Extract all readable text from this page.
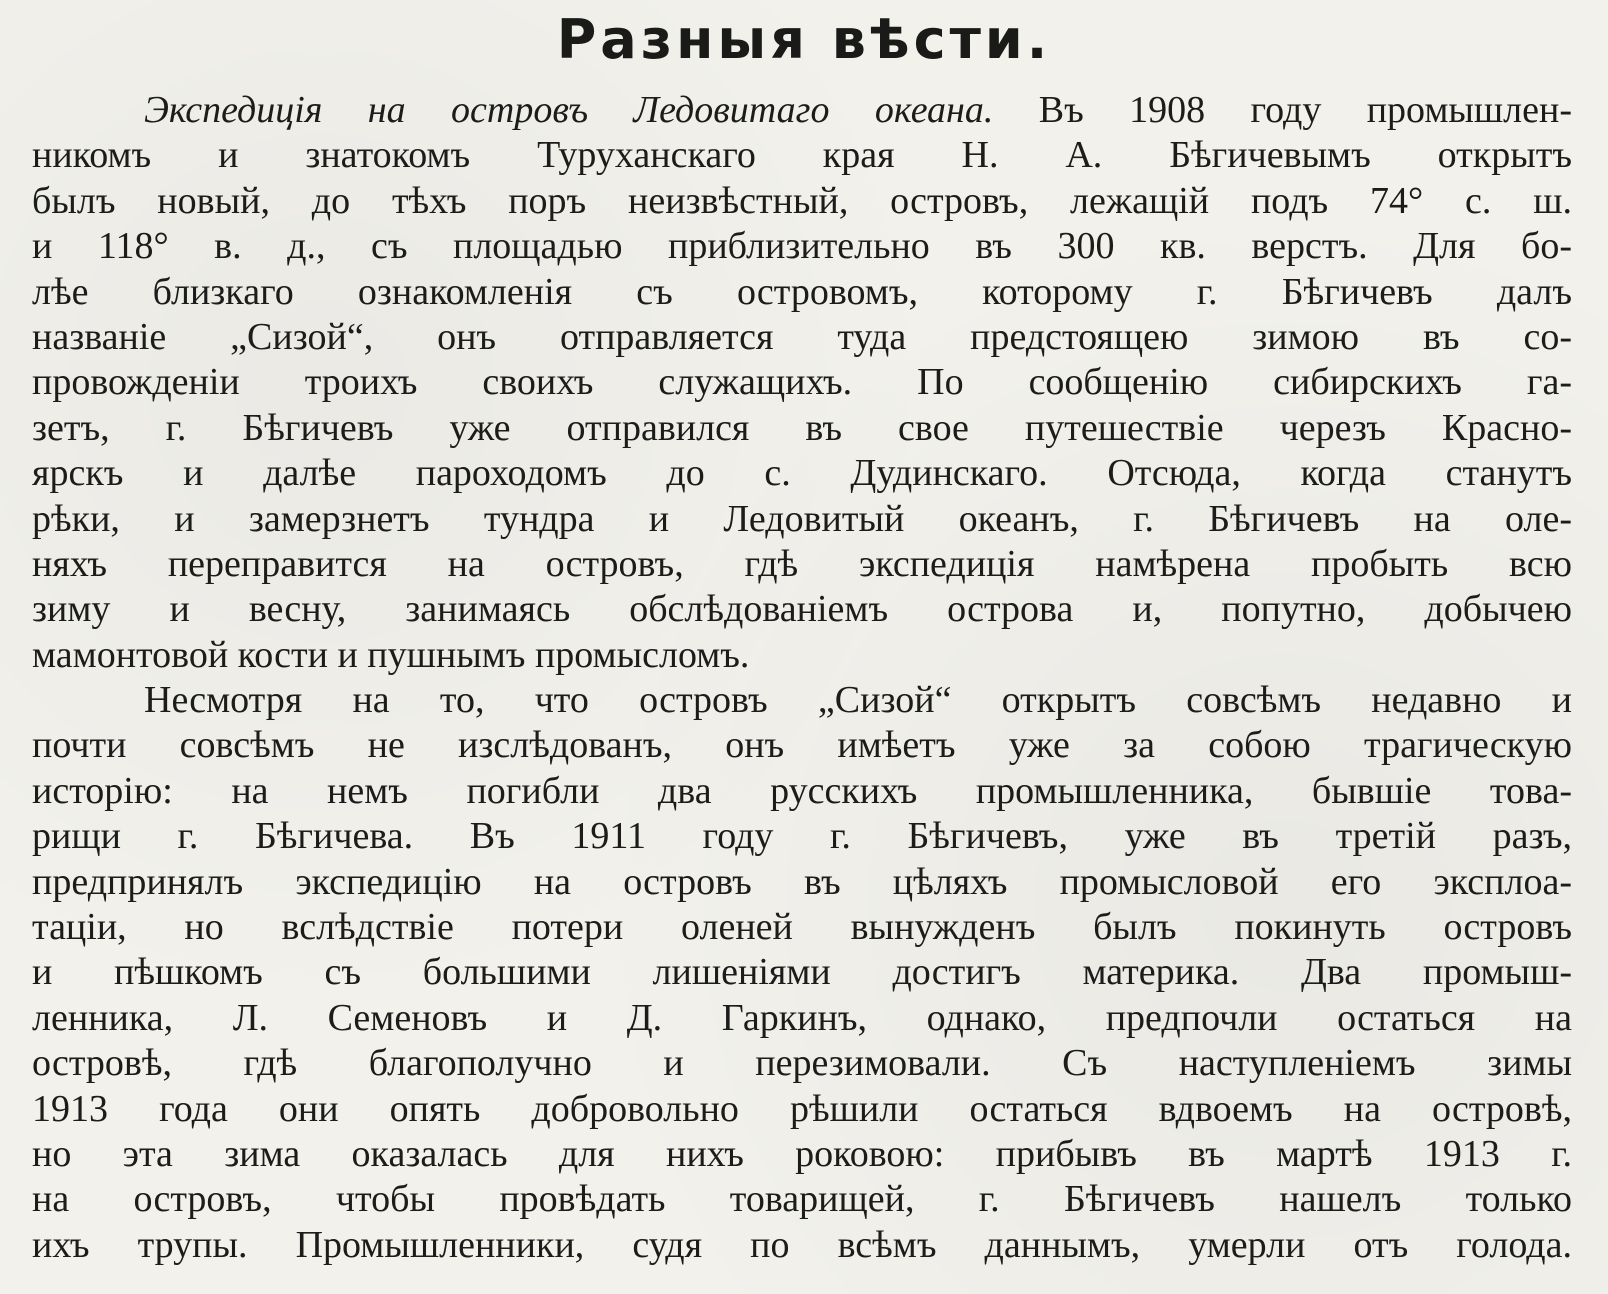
Разныя вѣсти.
Экспедиція на островъ Ледовитаго океана. Въ 1908 году промышлен-
никомъ и знатокомъ Туруханскаго края Н. А. Бѣгичевымъ открытъ
былъ новый, до тѣхъ поръ неизвѣстный, островъ, лежащій подъ 74° с. ш.
и 118° в. д., съ площадью приблизительно въ 300 кв. верстъ. Для бо-
лѣе близкаго ознакомленія съ островомъ, которому г. Бѣгичевъ далъ
названіе „Сизой“, онъ отправляется туда предстоящею зимою въ со-
провожденіи троихъ своихъ служащихъ. По сообщенію сибирскихъ га-
зетъ, г. Бѣгичевъ уже отправился въ свое путешествіе черезъ Красно-
ярскъ и далѣе пароходомъ до с. Дудинскаго. Отсюда, когда станутъ
рѣки, и замерзнетъ тундра и Ледовитый океанъ, г. Бѣгичевъ на оле-
няхъ переправится на островъ, гдѣ экспедиція намѣрена пробыть всю
зиму и весну, занимаясь обслѣдованіемъ острова и, попутно, добычею
мамонтовой кости и пушнымъ промысломъ.
Несмотря на то, что островъ „Сизой“ открытъ совсѣмъ недавно и
почти совсѣмъ не изслѣдованъ, онъ имѣетъ уже за собою трагическую
исторію: на немъ погибли два русскихъ промышленника, бывшіе това-
рищи г. Бѣгичева. Въ 1911 году г. Бѣгичевъ, уже въ третій разъ,
предпринялъ экспедицію на островъ въ цѣляхъ промысловой его эксплоа-
таціи, но вслѣдствіе потери оленей вынужденъ былъ покинуть островъ
и пѣшкомъ съ большими лишеніями достигъ материка. Два промыш-
ленника, Л. Семеновъ и Д. Гаркинъ, однако, предпочли остаться на
островѣ, гдѣ благополучно и перезимовали. Съ наступленіемъ зимы
1913 года они опять добровольно рѣшили остаться вдвоемъ на островѣ,
но эта зима оказалась для нихъ роковою: прибывъ въ мартѣ 1913 г.
на островъ, чтобы провѣдать товарищей, г. Бѣгичевъ нашелъ только
ихъ трупы. Промышленники, судя по всѣмъ даннымъ, умерли отъ голода.
